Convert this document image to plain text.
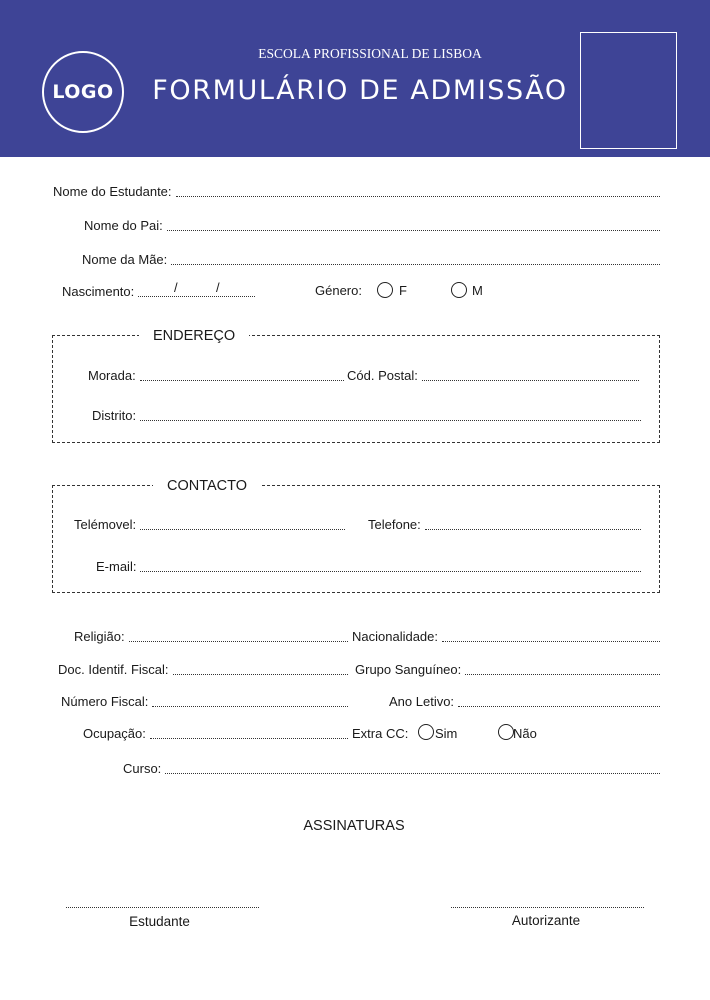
LOGO
ESCOLA PROFISSIONAL DE LISBOA
FORMULÁRIO DE ADMISSÃO
Nome do Estudante:
Nome do Pai:
Nome da Mãe:
Nascimento:	/	/	Género:	F	M
ENDEREÇO
Morada:	Cód. Postal:
Distrito:
CONTACTO
Telémovel:	Telefone:
E-mail:
Religião:	Nacionalidade:
Doc. Identif. Fiscal:	Grupo Sanguíneo:
Número Fiscal:	Ano Letivo:
Ocupação:	Extra CC: Sim	Não
Curso:
ASSINATURAS
Estudante	Autorizante
